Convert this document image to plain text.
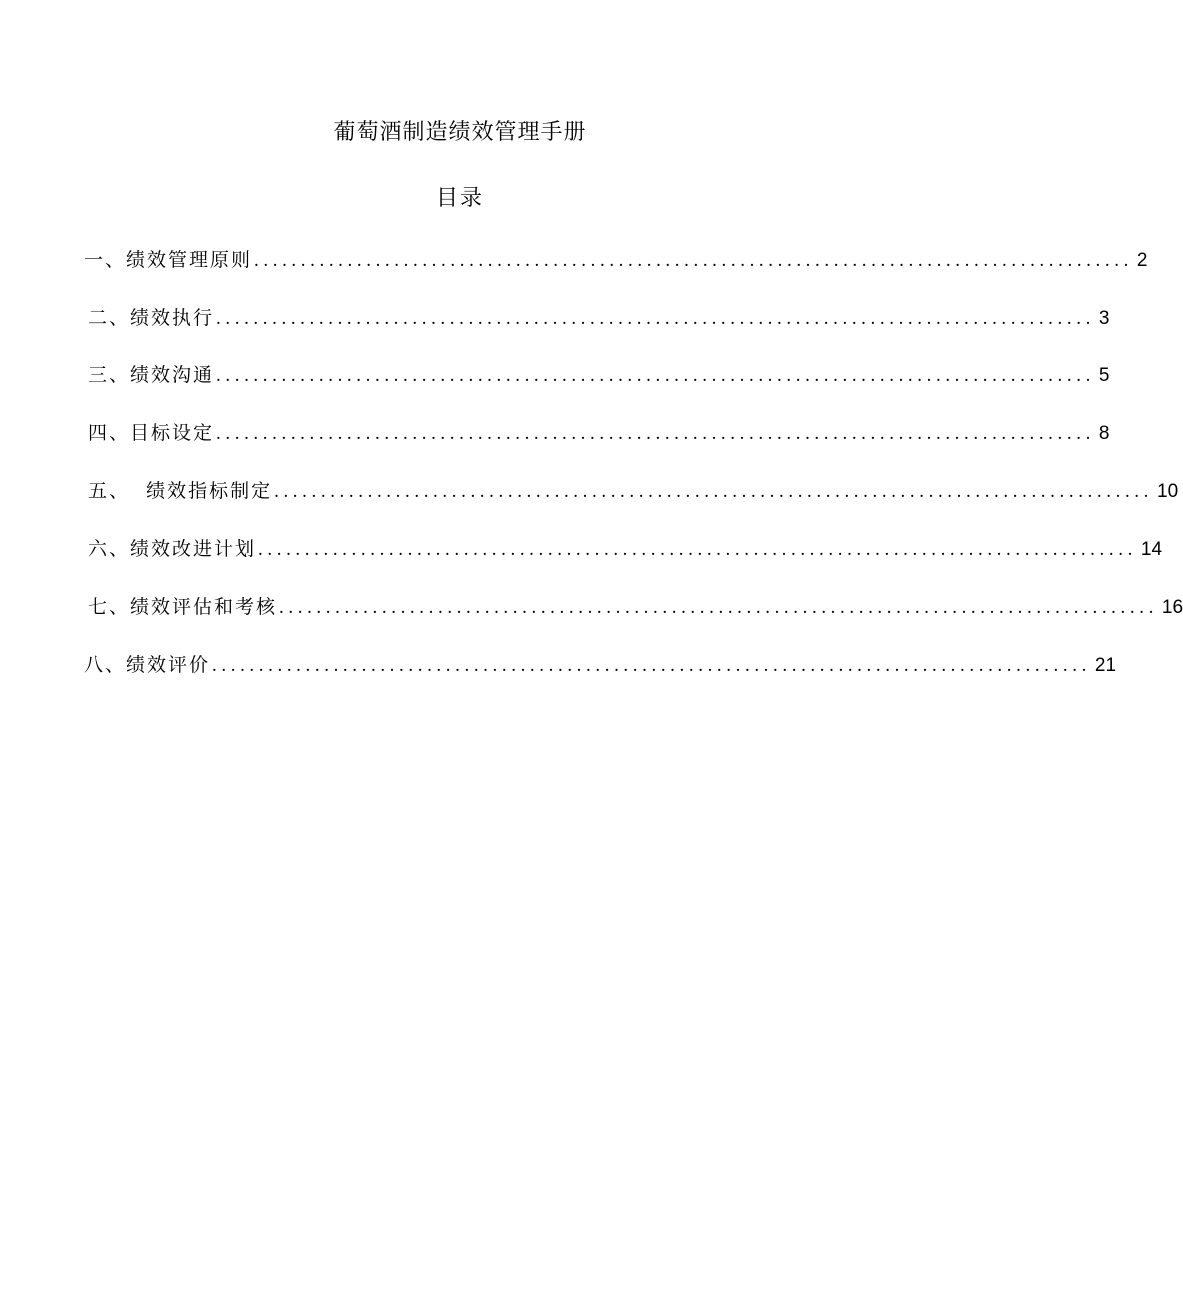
葡萄酒制造绩效管理手册
目录
一、绩效管理原则 .............................................................................................. 2
二、绩效执行 .............................................................................................. 3
三、绩效沟通 .............................................................................................. 5
四、目标设定 .............................................................................................. 8
五、  绩效指标制定 .............................................................................................. 10
六、绩效改进计划 .............................................................................................. 14
七、绩效评估和考核 .............................................................................................. 16
八、绩效评价 .............................................................................................. 21
